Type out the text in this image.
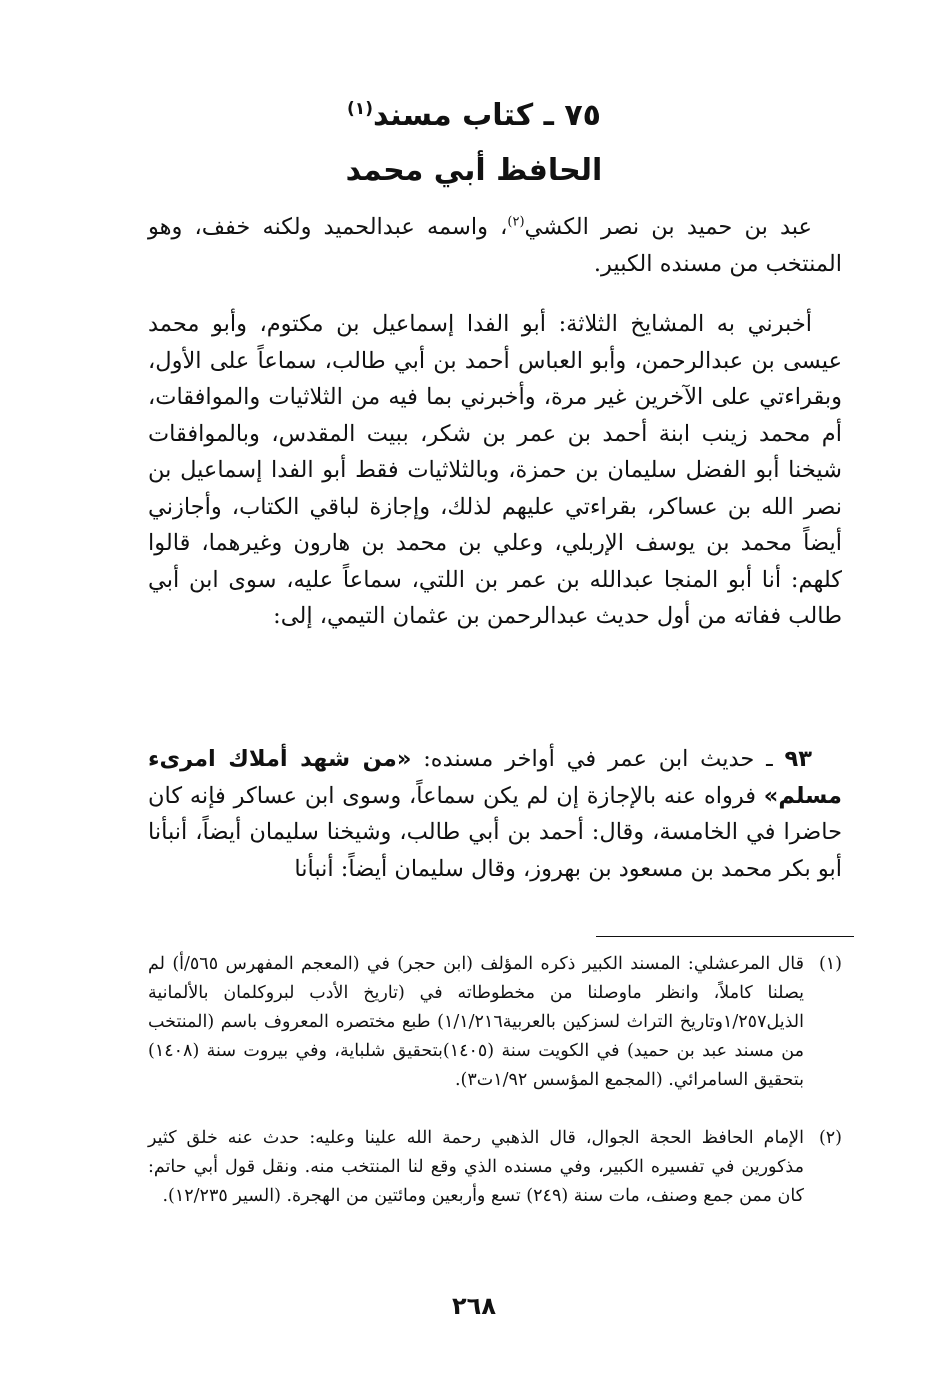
٧٥ ـ كتاب مسند$^{(١)}$
الحافظ أبي محمد

عبد بن حميد بن نصر الكشي$^{(٢)}$، واسمه عبدالحميد ولكنه خفف، وهو المنتخب من مسنده الكبير.

أخبرني به المشايخ الثلاثة: أبو الفدا إسماعيل بن مكتوم، وأبو محمد عيسى بن عبدالرحمن، وأبو العباس أحمد بن أبي طالب، سماعاً على الأول، وبقراءتي على الآخرين غير مرة، وأخبرني بما فيه من الثلاثيات والموافقات، أم محمد زينب ابنة أحمد بن عمر بن شكر، ببيت المقدس، وبالموافقات شيخنا أبو الفضل سليمان بن حمزة، وبالثلاثيات فقط أبو الفدا إسماعيل بن نصر الله بن عساكر، بقراءتي عليهم لذلك، وإجازة لباقي الكتاب، وأجازني أيضاً محمد بن يوسف الإربلي، وعلي بن محمد بن هارون وغيرهما، قالوا كلهم: أنا أبو المنجا عبدالله بن عمر بن اللتي، سماعاً عليه، سوى ابن أبي طالب ففاته من أول حديث عبدالرحمن بن عثمان التيمي، إلى:

٩٣ ـ حديث ابن عمر في أواخر مسنده: «من شهد أملاك امرىء مسلم» فرواه عنه بالإجازة إن لم يكن سماعاً، وسوى ابن عساكر فإنه كان حاضرا في الخامسة، وقال: أحمد بن أبي طالب، وشيخنا سليمان أيضاً، أنبأنا أبو بكر محمد بن مسعود بن بهروز، وقال سليمان أيضاً: أنبأنا

(١)
قال المرعشلي: المسند الكبير ذكره المؤلف (ابن حجر) في (المعجم المفهرس ٥٦٥/أ) لم يصلنا كاملاً، وانظر ماوصلنا من مخطوطاته في (تاريخ الأدب لبروكلمان بالألمانية الذيل١/٢٥٧وتاريخ التراث لسزكين بالعربية١/١/٢١٦) طبع مختصره المعروف باسم (المنتخب من مسند عبد بن حميد) في الكويت سنة (١٤٠٥)بتحقيق شلباية، وفي بيروت سنة (١٤٠٨) بتحقيق السامرائي. (المجمع المؤسس ١/٩٢ت٣).
(٢)
الإمام الحافظ الحجة الجوال، قال الذهبي رحمة الله علينا وعليه: حدث عنه خلق كثير مذكورين في تفسيره الكبير، وفي مسنده الذي وقع لنا المنتخب منه. ونقل قول أبي حاتم: كان ممن جمع وصنف، مات سنة (٢٤٩) تسع وأربعين ومائتين من الهجرة. (السير ١٢/٢٣٥).
٢٦٨
